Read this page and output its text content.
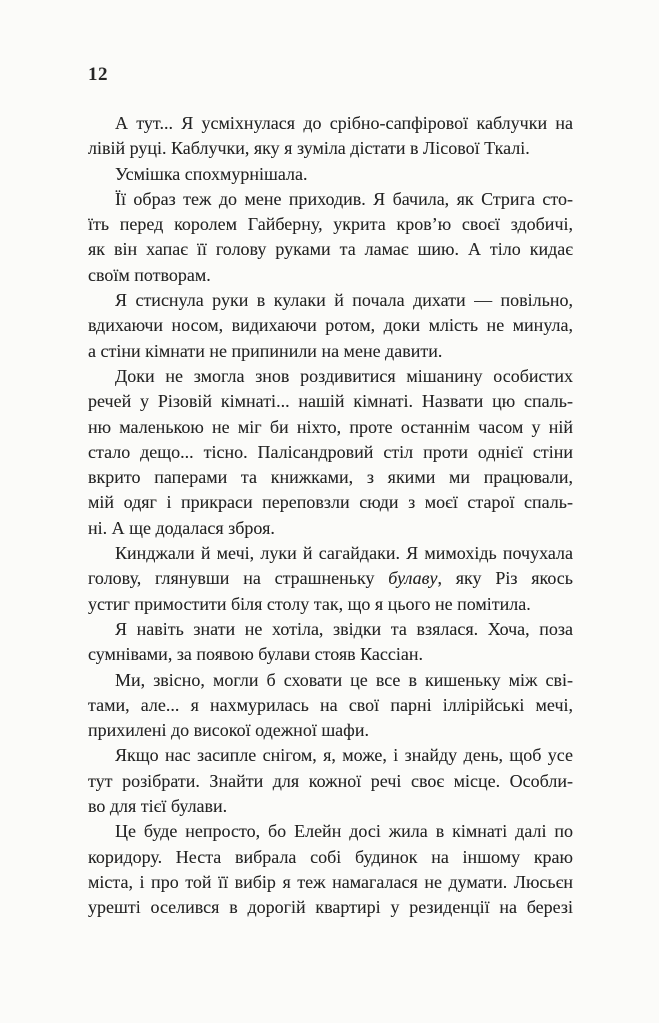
12
А тут... Я усміхнулася до срібно-сапфірової каблучки на
лівій руці. Каблучки, яку я зуміла дістати в Лісової Ткалі.
Усмішка спохмурнішала.
Її образ теж до мене приходив. Я бачила, як Стрига сто-
їть перед королем Гайберну, укрита кров’ю своєї здобичі,
як він хапає її голову руками та ламає шию. А тіло кидає
своїм потворам.
Я стиснула руки в кулаки й почала дихати — повільно,
вдихаючи носом, видихаючи ротом, доки млість не минула,
а стіни кімнати не припинили на мене давити.
Доки не змогла знов роздивитися мішанину особистих
речей у Різовій кімнаті... нашій кімнаті. Назвати цю спаль-
ню маленькою не міг би ніхто, проте останнім часом у ній
стало дещо... тісно. Палісандровий стіл проти однієї стіни
вкрито паперами та книжками, з якими ми працювали,
мій одяг і прикраси переповзли сюди з моєї старої спаль-
ні. А ще додалася зброя.
Кинджали й мечі, луки й сагайдаки. Я мимохідь почухала
голову, глянувши на страшненьку булаву, яку Різ якось
устиг примостити біля столу так, що я цього не помітила.
Я навіть знати не хотіла, звідки та взялася. Хоча, поза
сумнівами, за появою булави стояв Кассіан.
Ми, звісно, могли б сховати це все в кишеньку між сві-
тами, але... я нахмурилась на свої парні іллірійські мечі,
прихилені до високої одежної шафи.
Якщо нас засипле снігом, я, може, і знайду день, щоб усе
тут розібрати. Знайти для кожної речі своє місце. Особли-
во для тієї булави.
Це буде непросто, бо Елейн досі жила в кімнаті далі по
коридору. Неста вибрала собі будинок на іншому краю
міста, і про той її вибір я теж намагалася не думати. Люсьєн
урешті оселився в дорогій квартирі у резиденції на березі
